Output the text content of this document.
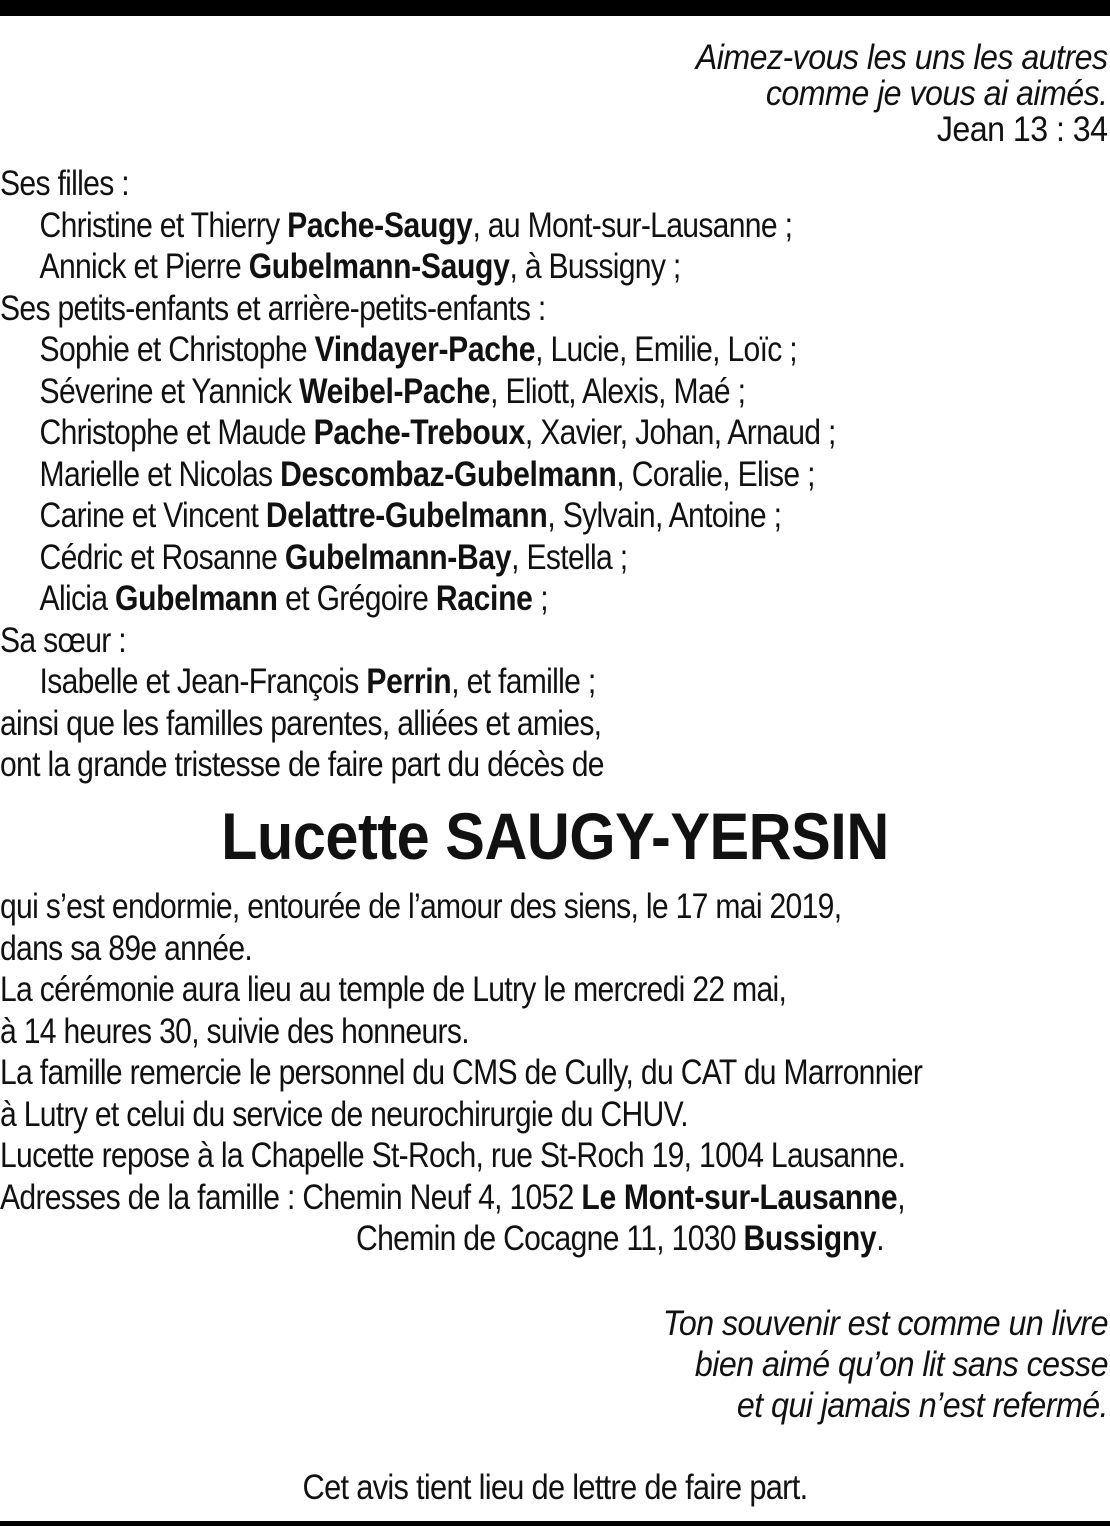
Aimez-vous les uns les autres
comme je vous ai aimés.
Jean 13 : 34
Ses filles :
Christine et Thierry Pache-Saugy, au Mont-sur-Lausanne ;
Annick et Pierre Gubelmann-Saugy, à Bussigny ;
Ses petits-enfants et arrière-petits-enfants :
Sophie et Christophe Vindayer-Pache, Lucie, Emilie, Loïc ;
Séverine et Yannick Weibel-Pache, Eliott, Alexis, Maé ;
Christophe et Maude Pache-Treboux, Xavier, Johan, Arnaud ;
Marielle et Nicolas Descombaz-Gubelmann, Coralie, Elise ;
Carine et Vincent Delattre-Gubelmann, Sylvain, Antoine ;
Cédric et Rosanne Gubelmann-Bay, Estella ;
Alicia Gubelmann et Grégoire Racine ;
Sa sœur :
Isabelle et Jean-François Perrin, et famille ;
ainsi que les familles parentes, alliées et amies,
ont la grande tristesse de faire part du décès de
Lucette SAUGY-YERSIN
qui s’est endormie, entourée de l’amour des siens, le 17 mai 2019,
dans sa 89e année.
La cérémonie aura lieu au temple de Lutry le mercredi 22 mai,
à 14 heures 30, suivie des honneurs.
La famille remercie le personnel du CMS de Cully, du CAT du Marronnier
à Lutry et celui du service de neurochirurgie du CHUV.
Lucette repose à la Chapelle St-Roch, rue St-Roch 19, 1004 Lausanne.
Adresses de la famille : Chemin Neuf 4, 1052 Le Mont-sur-Lausanne,
Chemin de Cocagne 11, 1030 Bussigny.
Ton souvenir est comme un livre
bien aimé qu’on lit sans cesse
et qui jamais n’est refermé.
Cet avis tient lieu de lettre de faire part.
